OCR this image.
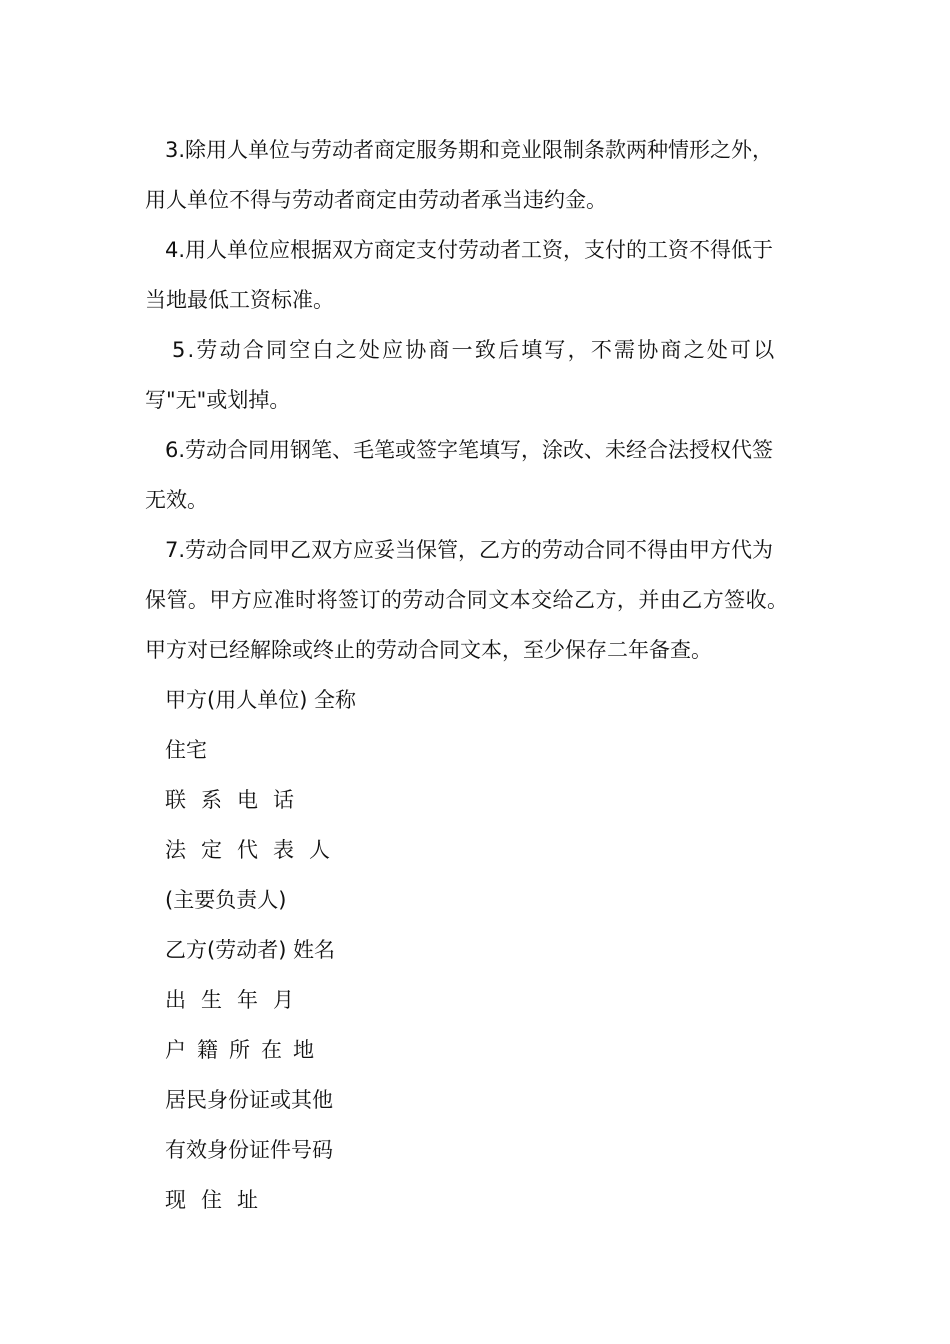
3.除用人单位与劳动者商定服务期和竞业限制条款两种情形之外，
用人单位不得与劳动者商定由劳动者承当违约金。
4.用人单位应根据双方商定支付劳动者工资，支付的工资不得低于
当地最低工资标准。
5.劳动合同空白之处应协商一致后填写，不需协商之处可以
写"无"或划掉。
6.劳动合同用钢笔、毛笔或签字笔填写，涂改、未经合法授权代签
无效。
7.劳动合同甲乙双方应妥当保管，乙方的劳动合同不得由甲方代为
保管。甲方应准时将签订的劳动合同文本交给乙方，并由乙方签收。
甲方对已经解除或终止的劳动合同文本，至少保存二年备查。
甲方(用人单位) 全称
住宅
联系电话
法定代表人
(主要负责人)
乙方(劳动者) 姓名
出生年月
户籍所在地
居民身份证或其他
有效身份证件号码
现住址
